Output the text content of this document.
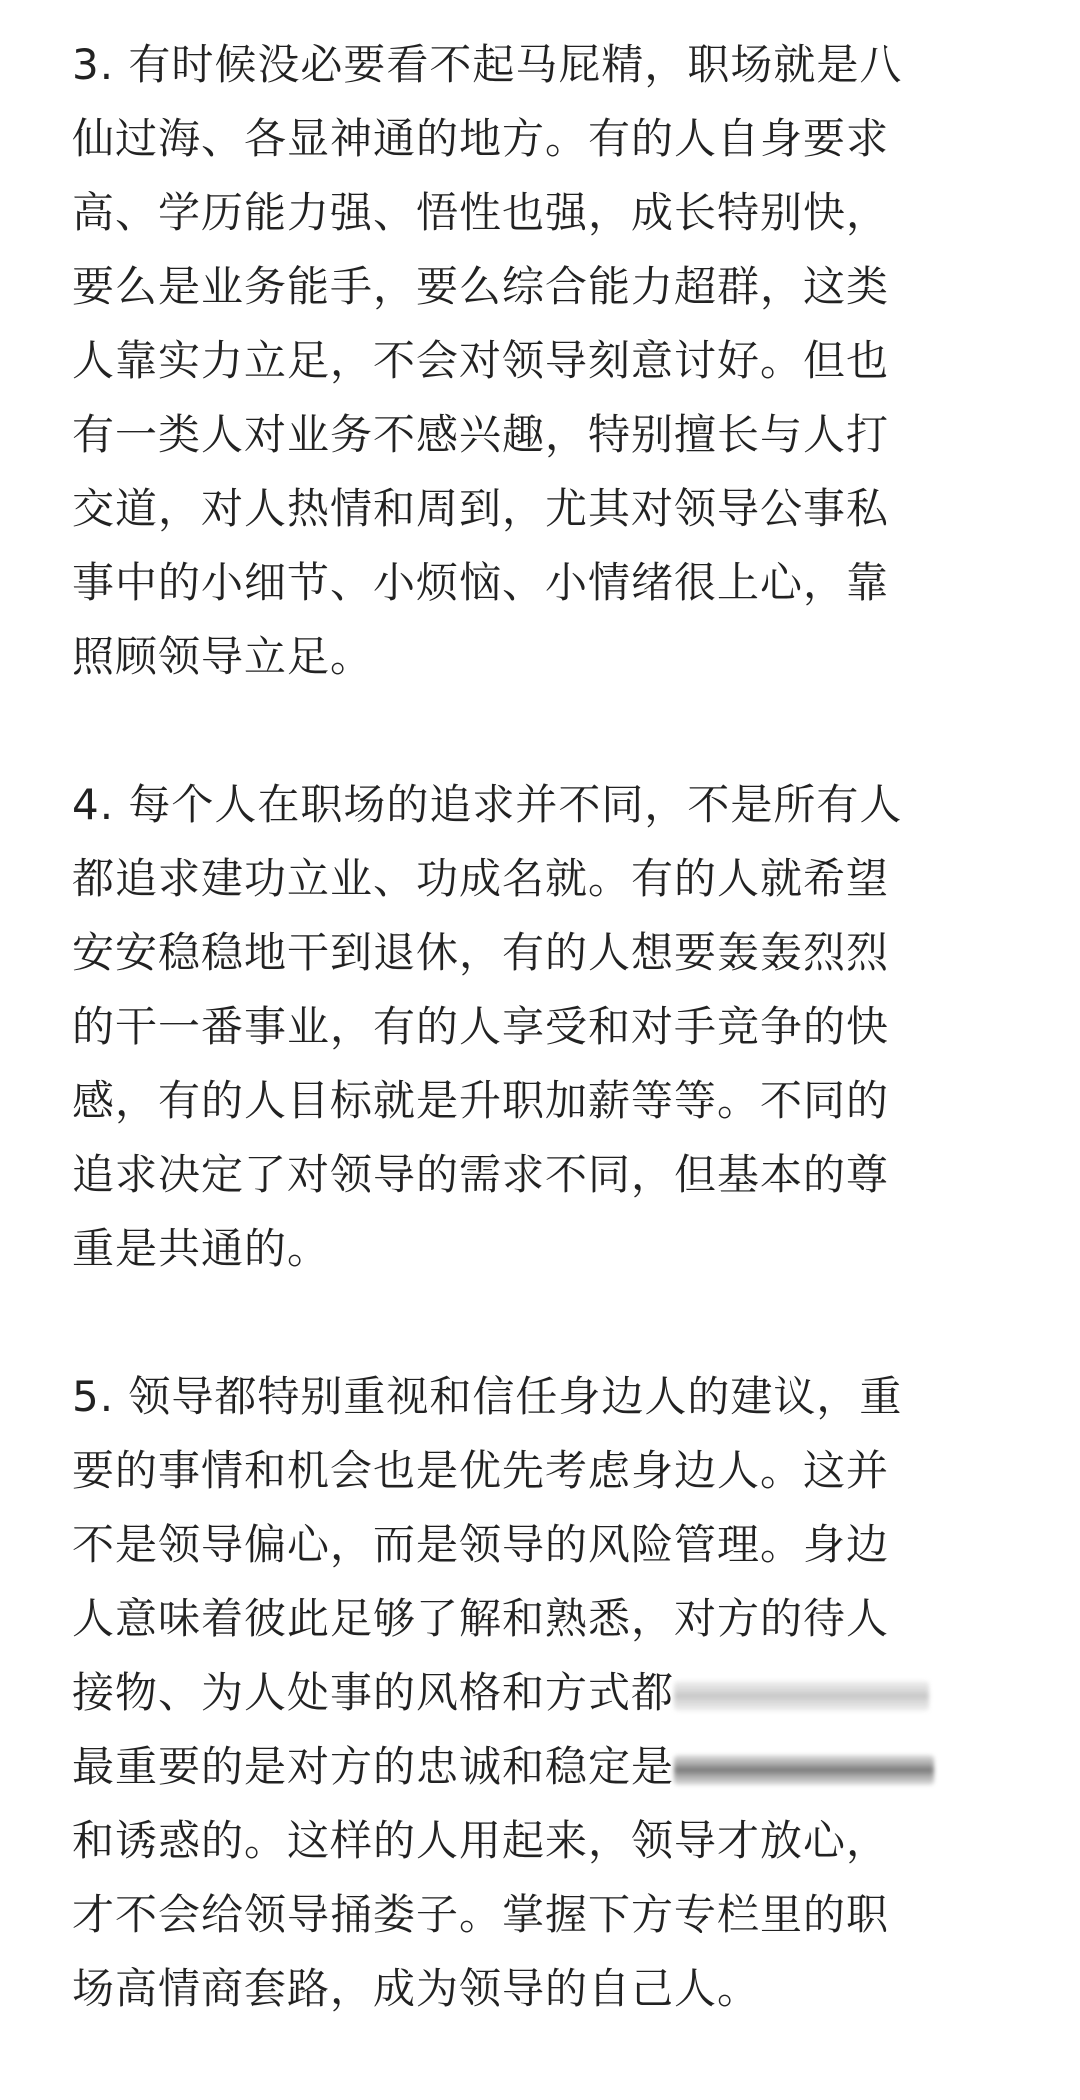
3. 有时候没必要看不起马屁精，职场就是八
仙过海、各显神通的地方。有的人自身要求
高、学历能力强、悟性也强，成长特别快，
要么是业务能手，要么综合能力超群，这类
人靠实力立足，不会对领导刻意讨好。但也
有一类人对业务不感兴趣，特别擅长与人打
交道，对人热情和周到，尤其对领导公事私
事中的小细节、小烦恼、小情绪很上心，靠
照顾领导立足。

4. 每个人在职场的追求并不同，不是所有人
都追求建功立业、功成名就。有的人就希望
安安稳稳地干到退休，有的人想要轰轰烈烈
的干一番事业，有的人享受和对手竞争的快
感，有的人目标就是升职加薪等等。不同的
追求决定了对领导的需求不同，但基本的尊
重是共通的。

5. 领导都特别重视和信任身边人的建议，重
要的事情和机会也是优先考虑身边人。这并
不是领导偏心，而是领导的风险管理。身边
人意味着彼此足够了解和熟悉，对方的待人
接物、为人处事的风格和方式都
最重要的是对方的忠诚和稳定是
和诱惑的。这样的人用起来，领导才放心，
才不会给领导捅娄子。掌握下方专栏里的职
场高情商套路，成为领导的自己人。
